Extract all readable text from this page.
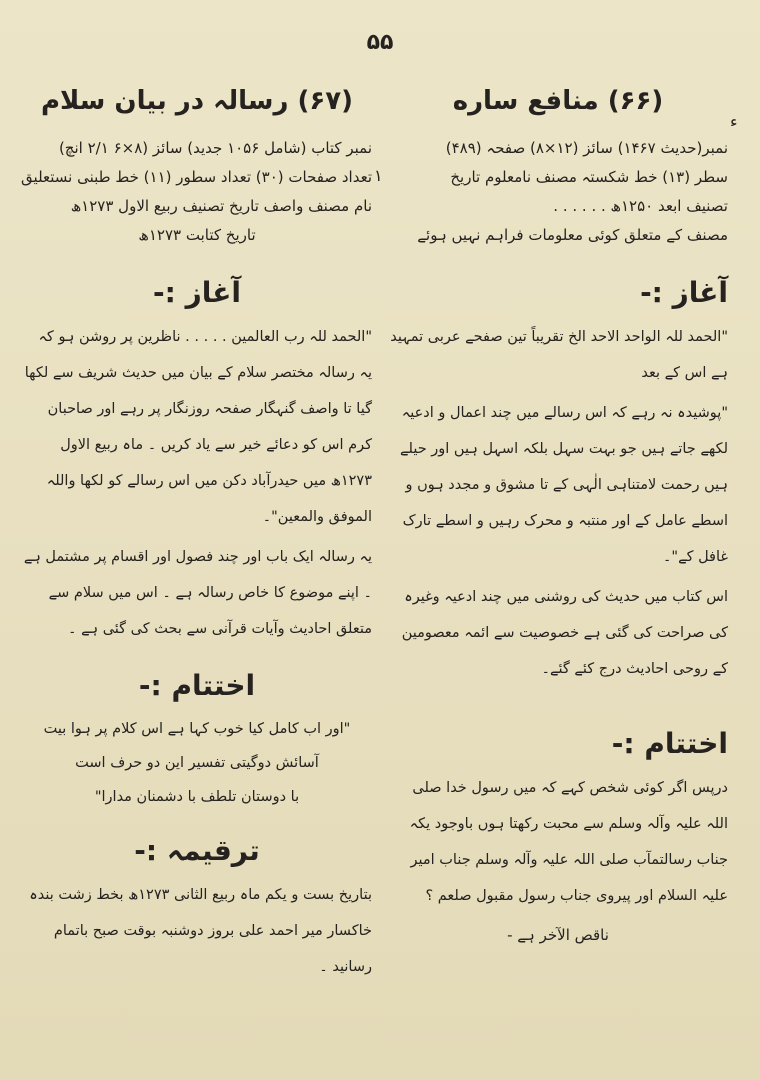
۵۵
ء
۱
(۶۶) منافع ساره
نمبر(حدیث ۱۴۶۷) سائز (۱۲×۸) صفحہ (۴۸۹)
سطر (۱۳) خط شکستہ مصنف نامعلوم تاریخ
تصنیف ابعد ۱۲۵۰ھ . . . . . .
مصنف کے متعلق کوئی معلومات فراہم نہیں ہوئے
آغاز :-

"الحمد للہ الواحد الاحد الخ تقریباً تین صفحے عربی تمہید ہے اس کے بعد

"پوشیدہ نہ رہے کہ اس رسالے میں چند اعمال و ادعیہ لکھے جاتے ہیں جو بہت سہل بلکہ اسہل ہیں اور حیلے ہیں رحمت لامتناہی الٰہی کے تا مشوق و مجدد ہوں و اسطے عامل کے اور منتبہ و محرک رہیں و اسطے تارک غافل کے"۔

اس کتاب میں حدیث کی روشنی میں چند ادعیہ وغیرہ کی صراحت کی گئی ہے خصوصیت سے ائمہ معصومین کے روحی احادیث درج کئے گئے۔

اختتام :-

درپس اگر کوئی شخص کہے کہ میں رسول خدا صلی اللہ علیہ وآلہ وسلم سے محبت رکھتا ہوں باوجود یکہ جناب رسالتمآب صلی اللہ علیہ وآلہ وسلم جناب امیر علیہ السلام اور پیروی جناب رسول مقبول صلعم ؟

ناقص الآخر ہے -
(۶۷) رسالہ در بیان سلام
نمبر کتاب (شامل ۱۰۵۶ جدید) سائز (۸×۶ ۲/۱ انچ)
تعداد صفحات (۳۰) تعداد سطور (۱۱) خط طبنی نستعلیق
نام مصنف واصف تاریخ تصنیف ربیع الاول ۱۲۷۳ھ
تاریخ کتابت ۱۲۷۳ھ
آغاز :-

"الحمد للہ رب العالمین . . . . . ناظرین پر روشن ہو کہ یہ رسالہ مختصر سلام کے بیان میں حدیث شریف سے لکھا گیا تا واصف گنہگار صفحہ روزنگار پر رہے اور صاحبان کرم اس کو دعائے خیر سے یاد کریں ۔ ماہ ربیع الاول ۱۲۷۳ھ میں حیدرآباد دکن میں اس رسالے کو لکھا واللہ الموفق والمعین"۔

یہ رسالہ ایک باب اور چند فصول اور اقسام پر مشتمل ہے ۔ اپنے موضوع کا خاص رسالہ ہے ۔ اس میں سلام سے متعلق احادیث وآیات قرآنی سے بحث کی گئی ہے ۔

اختتام :-

"اور اب کامل کیا خوب کہا ہے اس کلام پر ہوا بیت

آسائش دوگیتی تفسیر این دو حرف است

با دوستان تلطف با دشمنان مدارا"

ترقیمہ :-

بتاریخ بست و یکم ماہ ربیع الثانی ۱۲۷۳ھ بخط زشت بندہ

خاکسار میر احمد علی بروز دوشنبہ بوقت صبح باتمام رسانید ۔
